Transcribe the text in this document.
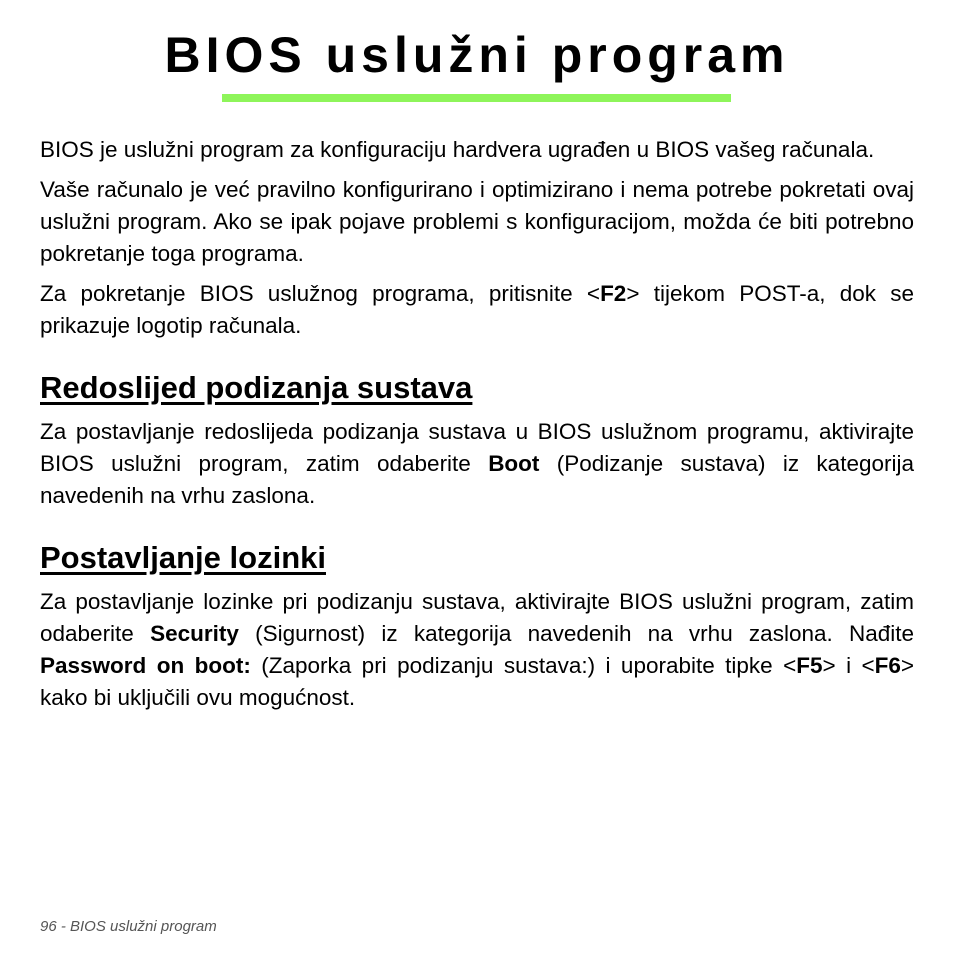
BIOS uslužni program

BIOS je uslužni program za konfiguraciju hardvera ugrađen u BIOS vašeg računala.

Vaše računalo je već pravilno konfigurirano i optimizirano i nema potrebe pokretati ovaj uslužni program. Ako se ipak pojave problemi s konfiguracijom, možda će biti potrebno pokretanje toga programa.

Za pokretanje BIOS uslužnog programa, pritisnite <F2> tijekom POST-a, dok se prikazuje logotip računala.

Redoslijed podizanja sustava

Za postavljanje redoslijeda podizanja sustava u BIOS uslužnom programu, aktivirajte BIOS uslužni program, zatim odaberite Boot (Podizanje sustava) iz kategorija navedenih na vrhu zaslona.

Postavljanje lozinki

Za postavljanje lozinke pri podizanju sustava, aktivirajte BIOS uslužni program, zatim odaberite Security (Sigurnost) iz kategorija navedenih na vrhu zaslona. Nađite Password on boot: (Zaporka pri podizanju sustava:) i uporabite tipke <F5> i <F6> kako bi uključili ovu mogućnost.

96 - BIOS uslužni program
